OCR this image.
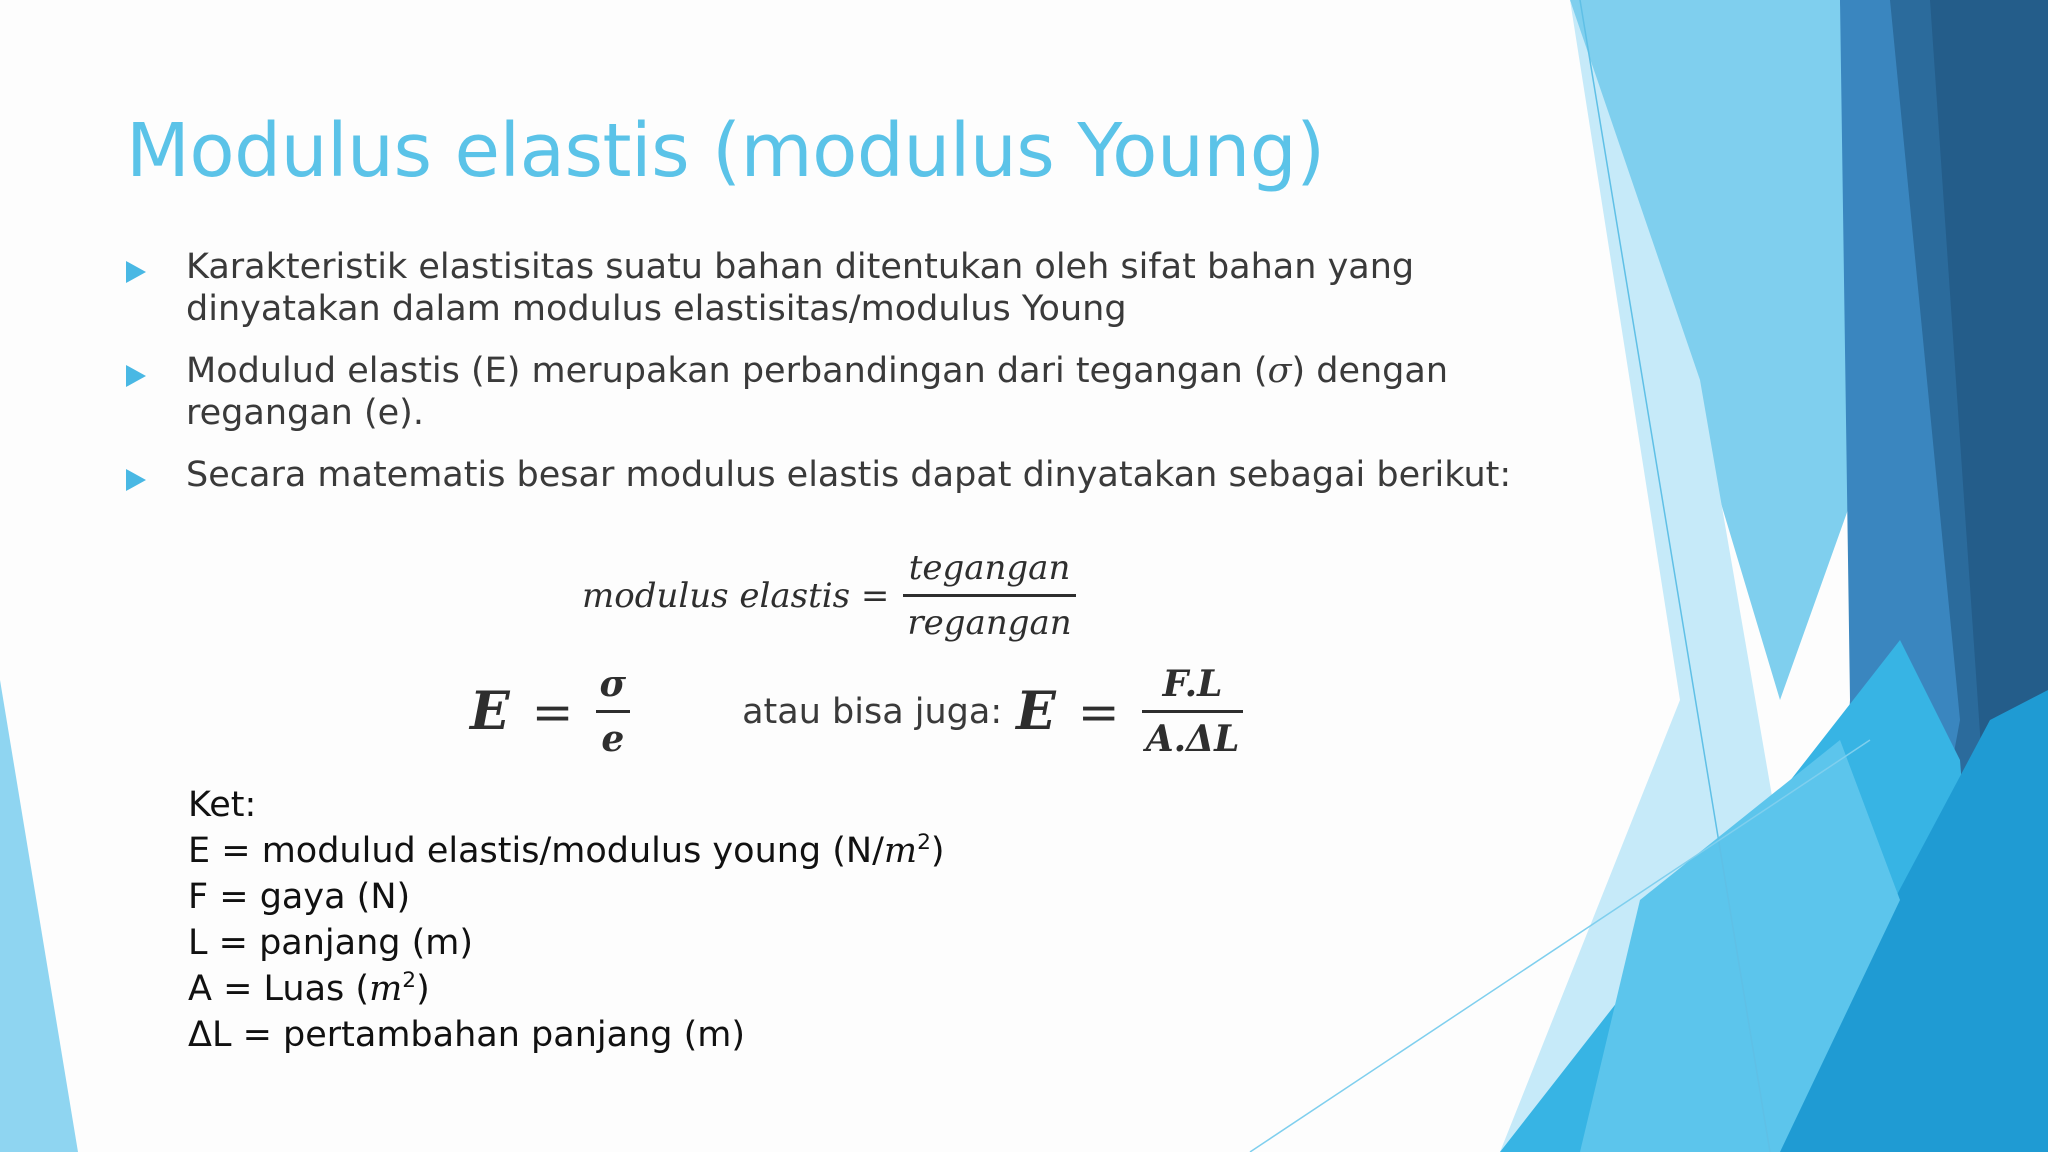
Modulus elastis (modulus Young)
Karakteristik elastisitas suatu bahan ditentukan oleh sifat bahan yang dinyatakan dalam modulus elastisitas/modulus Young
Modulud elastis (E) merupakan perbandingan dari tegangan (σ) dengan regangan (e).
Secara matematis besar modulus elastis dapat dinyatakan sebagai berikut:
modulus elastis = $\frac{\text{tegangan}}{\text{regangan}}$
$E = \frac{\sigma}{e}$	atau bisa juga: $E = \frac{F.L}{A.\Delta L}$
Ket:
E = modulud elastis/modulus young $(N/m^2)$
F = gaya (N)
L = panjang (m)
A = Luas $(m^2)$
ΔL = pertambahan panjang (m)
